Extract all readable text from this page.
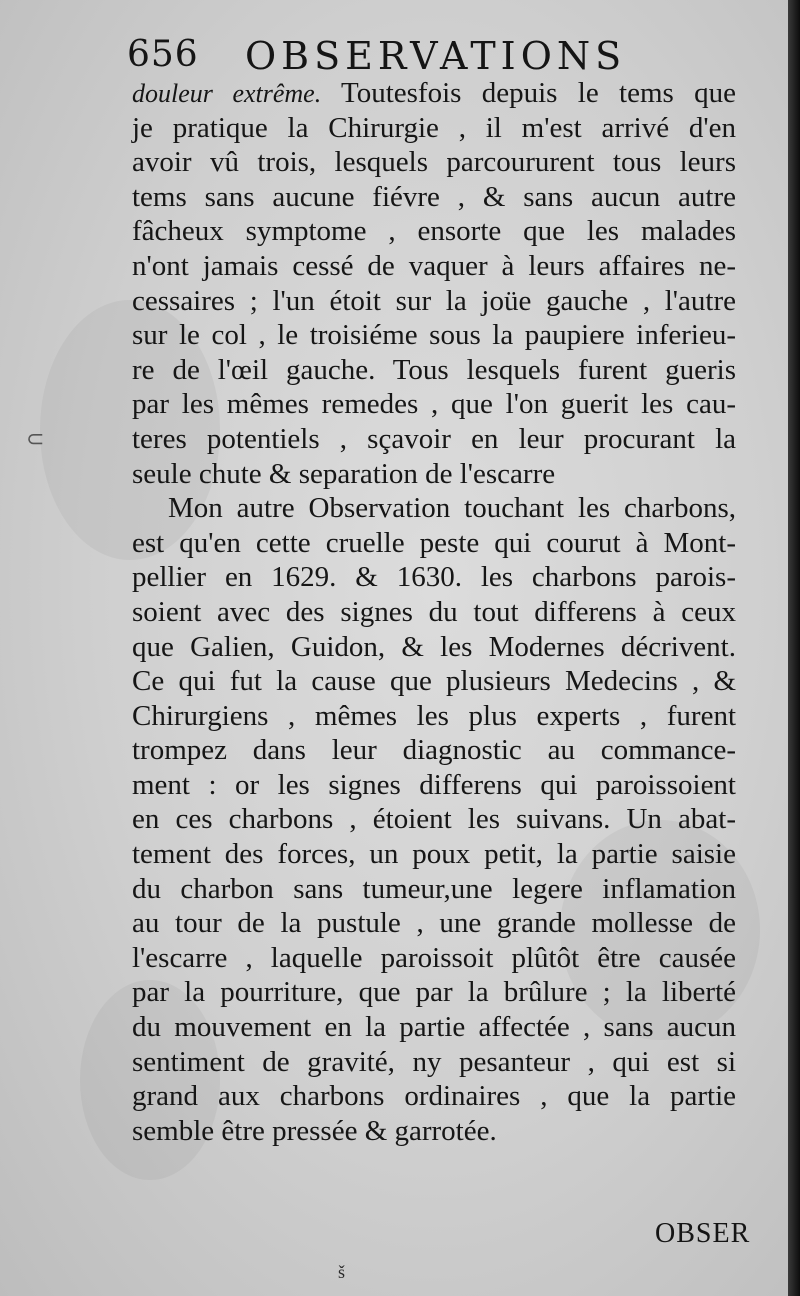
656 OBSERVATIONS
⊂
douleur extrême. Toutesfois depuis le tems que
je pratique la Chirurgie , il m'est arrivé d'en
avoir vû trois, lesquels parcoururent tous leurs
tems sans aucune fiévre , & sans aucun autre
fâcheux symptome , ensorte que les malades
n'ont jamais cessé de vaquer à leurs affaires ne-
cessaires ; l'un étoit sur la joüe gauche , l'autre
sur le col , le troisiéme sous la paupiere inferieu-
re de l'œil gauche. Tous lesquels furent gueris
par les mêmes remedes , que l'on guerit les cau-
teres potentiels , sçavoir en leur procurant la
seule chute & separation de l'escarre
Mon autre Observation touchant les charbons,
est qu'en cette cruelle peste qui courut à Mont-
pellier en 1629. & 1630. les charbons parois-
soient avec des signes du tout differens à ceux
que Galien, Guidon, & les Modernes décrivent.
Ce qui fut la cause que plusieurs Medecins , &
Chirurgiens , mêmes les plus experts , furent
trompez dans leur diagnostic au commance-
ment : or les signes differens qui paroissoient
en ces charbons , étoient les suivans. Un abat-
tement des forces, un poux petit, la partie saisie
du charbon sans tumeur,une legere inflamation
au tour de la pustule , une grande mollesse de
l'escarre , laquelle paroissoit plûtôt être causée
par la pourriture, que par la brûlure ; la liberté
du mouvement en la partie affectée , sans aucun
sentiment de gravité, ny pesanteur , qui est si
grand aux charbons ordinaires , que la partie
semble être pressée & garrotée.
OBSER
š
